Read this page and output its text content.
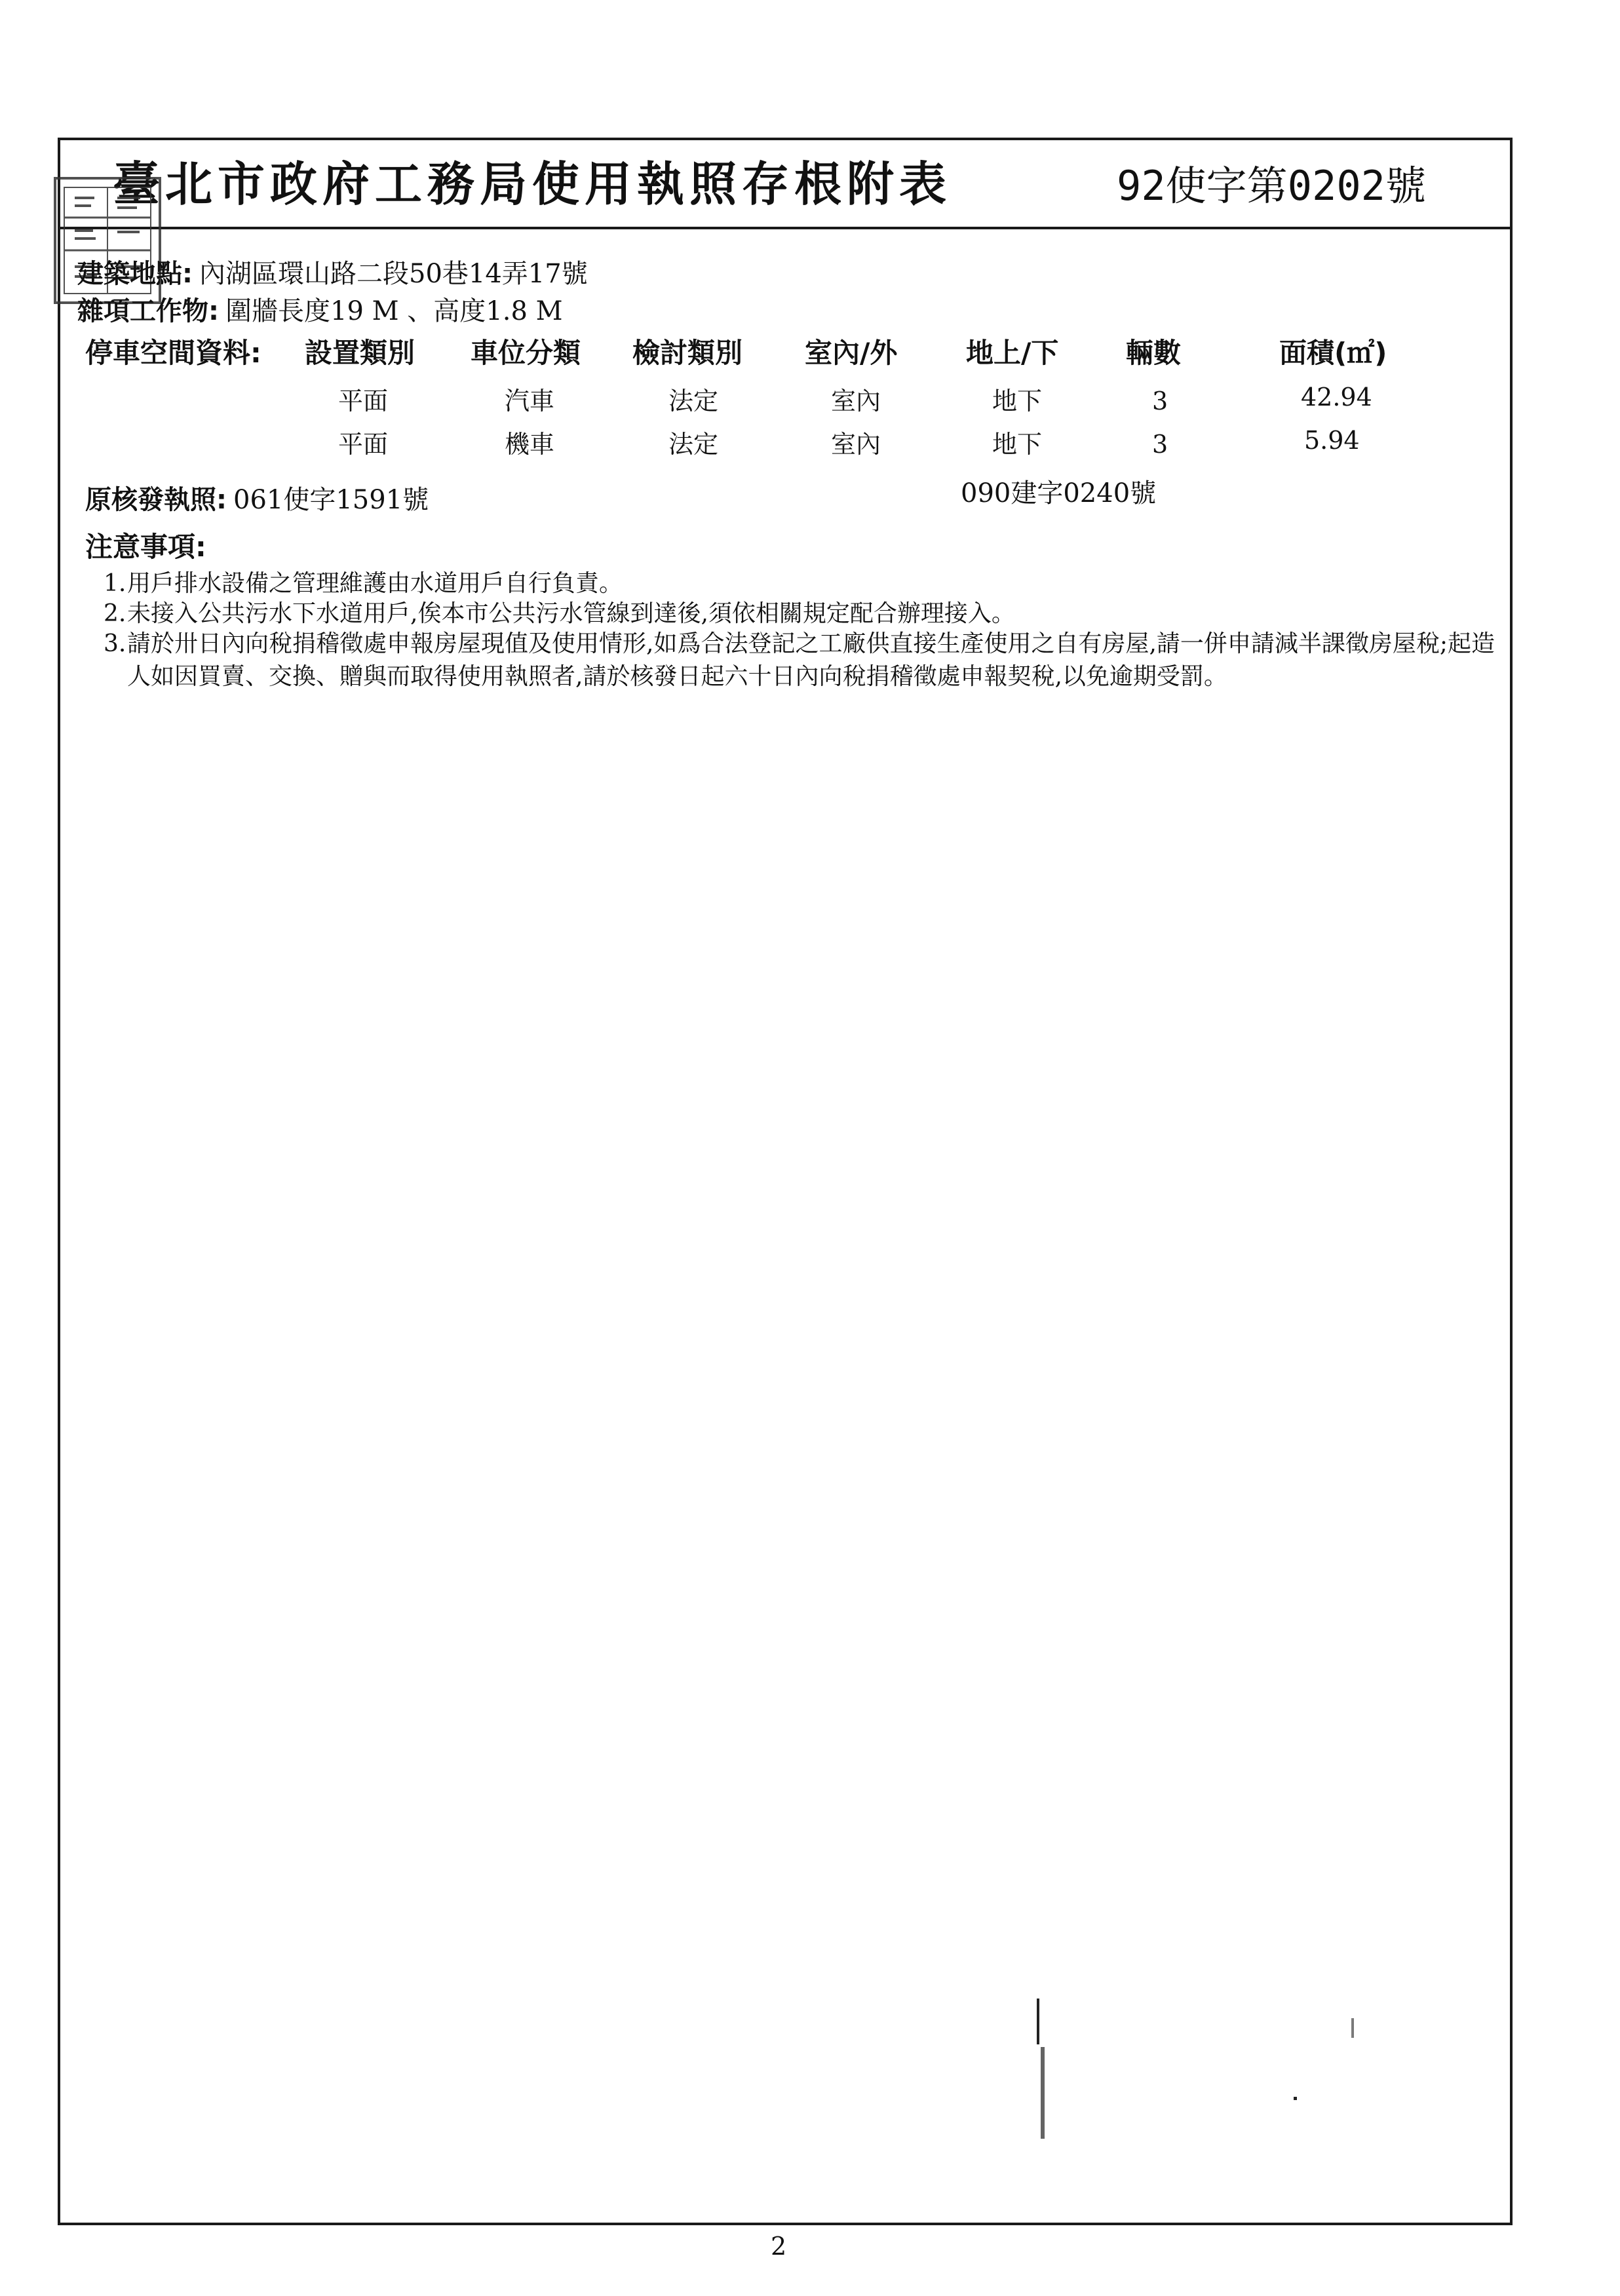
臺北市政府工務局使用執照存根附表	92使字第0202號
建築地點: 內湖區環山路二段50巷14弄17號
雜項工作物: 圍牆長度19 M 、高度1.8 M
停車空間資料: 設置類別 車位分類 檢討類別 室內/外 地上/下 輛數	面積(㎡)
平面	汽車	法定	室內	地下	3	42.94
平面	機車	法定	室內	地下	3	5.94
原核發執照: 061使字1591號	090建字0240號
注意事項:
1.用戶排水設備之管理維護由水道用戶自行負責。
2.未接入公共污水下水道用戶,俟本市公共污水管線到達後,須依相關規定配合辦理接入。
3. 請於卅日內向稅捐稽徵處申報房屋現值及使用情形,如爲合法登記之工廠供直接生產使用之自有房屋,請一併申請減半課徵房屋稅;起造人如因買賣、交換、贈與而取得使用執照者,請於核發日起六十日內向稅捐稽徵處申報契稅,以免逾期受罰。
2
